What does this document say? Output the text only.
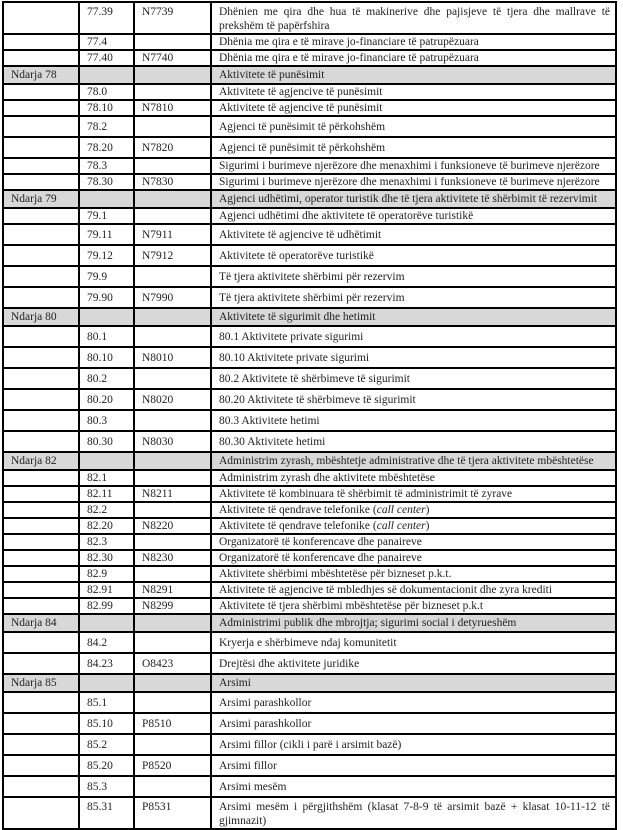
	77.39	N7739	Dhënien me qira dhe hua të makinerive dhe pajisjeve të tjera dhe mallrave të prekshëm të papërfshira
	77.4		Dhënia me qira e të mirave jo-financiare të patrupëzuara
	77.40	N7740	Dhënia me qira e të mirave jo-financiare të patrupëzuara
Ndarja 78			Aktivitete të punësimit
	78.0		Aktivitete të agjencive të punësimit
	78.10	N7810	Aktivitete të agjencive të punësimit
	78.2		Agjenci të punësimit të përkohshëm
	78.20	N7820	Agjenci të punësimit të përkohshëm
	78.3		Sigurimi i burimeve njerëzore dhe menaxhimi i funksioneve të burimeve njerëzore
	78.30	N7830	Sigurimi i burimeve njerëzore dhe menaxhimi i funksioneve të burimeve njerëzore
Ndarja 79			Agjenci udhëtimi, operator turistik dhe të tjera aktivitete të shërbimit të rezervimit
	79.1		Agjenci udhëtimi dhe aktivitete të operatorëve turistikë
	79.11	N7911	Aktivitete të agjencive të udhëtimit
	79.12	N7912	Aktivitete të operatorëve turistikë
	79.9		Të tjera aktivitete shërbimi për rezervim
	79.90	N7990	Të tjera aktivitete shërbimi për rezervim
Ndarja 80			Aktivitete të sigurimit dhe hetimit
	80.1		80.1 Aktivitete private sigurimi
	80.10	N8010	80.10 Aktivitete private sigurimi
	80.2		80.2 Aktivitete të shërbimeve të sigurimit
	80.20	N8020	80.20 Aktivitete të shërbimeve të sigurimit
	80.3		80.3 Aktivitete hetimi
	80.30	N8030	80.30 Aktivitete hetimi
Ndarja 82			Administrim zyrash, mbështetje administrative dhe të tjera aktivitete mbështetëse
	82.1		Administrim zyrash dhe aktivitete mbështetëse
	82.11	N8211	Aktivitete të kombinuara të shërbimit të administrimit të zyrave
	82.2		Aktivitete të qendrave telefonike (call center)
	82.20	N8220	Aktivitete të qendrave telefonike (call center)
	82.3		Organizatorë të konferencave dhe panaireve
	82.30	N8230	Organizatorë të konferencave dhe panaireve
	82.9		Aktivitete shërbimi mbështetëse për bizneset p.k.t.
	82.91	N8291	Aktivitete të agjencive të mbledhjes së dokumentacionit dhe zyra krediti
	82.99	N8299	Aktivitete të tjera shërbimi mbështetëse për bizneset p.k.t
Ndarja 84			Administrimi publik dhe mbrojtja; sigurimi social i detyrueshëm
	84.2		Kryerja e shërbimeve ndaj komunitetit
	84.23	O8423	Drejtësi dhe aktivitete juridike
Ndarja 85			Arsimi
	85.1		Arsimi parashkollor
	85.10	P8510	Arsimi parashkollor
	85.2		Arsimi fillor (cikli i parë i arsimit bazë)
	85.20	P8520	Arsimi fillor
	85.3		Arsimi mesëm
	85.31	P8531	Arsimi mesëm i përgjithshëm (klasat 7-8-9 të arsimit bazë + klasat 10-11-12 të gjimnazit)
